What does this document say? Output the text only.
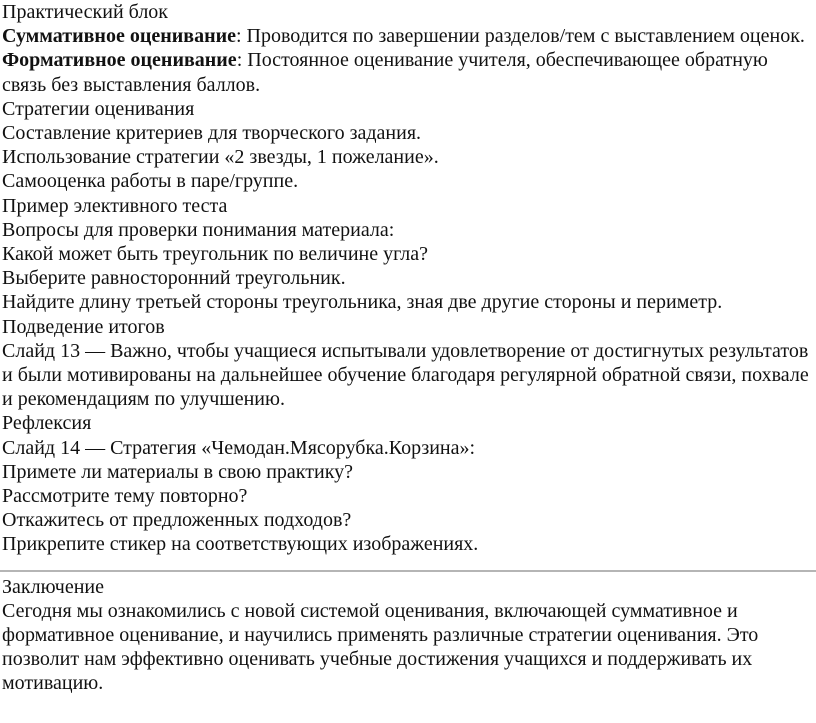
Практический блок

Суммативное оценивание: Проводится по завершении разделов/тем с выставлением оценок.

Формативное оценивание: Постоянное оценивание учителя, обеспечивающее обратную связь без выставления баллов.

Стратегии оценивания

Составление критериев для творческого задания.

Использование стратегии «2 звезды, 1 пожелание».

Самооценка работы в паре/группе.

Пример элективного теста

Вопросы для проверки понимания материала:

Какой может быть треугольник по величине угла?

Выберите равносторонний треугольник.

Найдите длину третьей стороны треугольника, зная две другие стороны и периметр.

Подведение итогов

Слайд 13 — Важно, чтобы учащиеся испытывали удовлетворение от достигнутых результатов и были мотивированы на дальнейшее обучение благодаря регулярной обратной связи, похвале и рекомендациям по улучшению.

Рефлексия

Слайд 14 — Стратегия «Чемодан.Мясорубка.Корзина»:

Примете ли материалы в свою практику?

Рассмотрите тему повторно?

Откажитесь от предложенных подходов?

Прикрепите стикер на соответствующих изображениях.

Заключение

Сегодня мы ознакомились с новой системой оценивания, включающей суммативное и формативное оценивание, и научились применять различные стратегии оценивания. Это позволит нам эффективно оценивать учебные достижения учащихся и поддерживать их мотивацию.
